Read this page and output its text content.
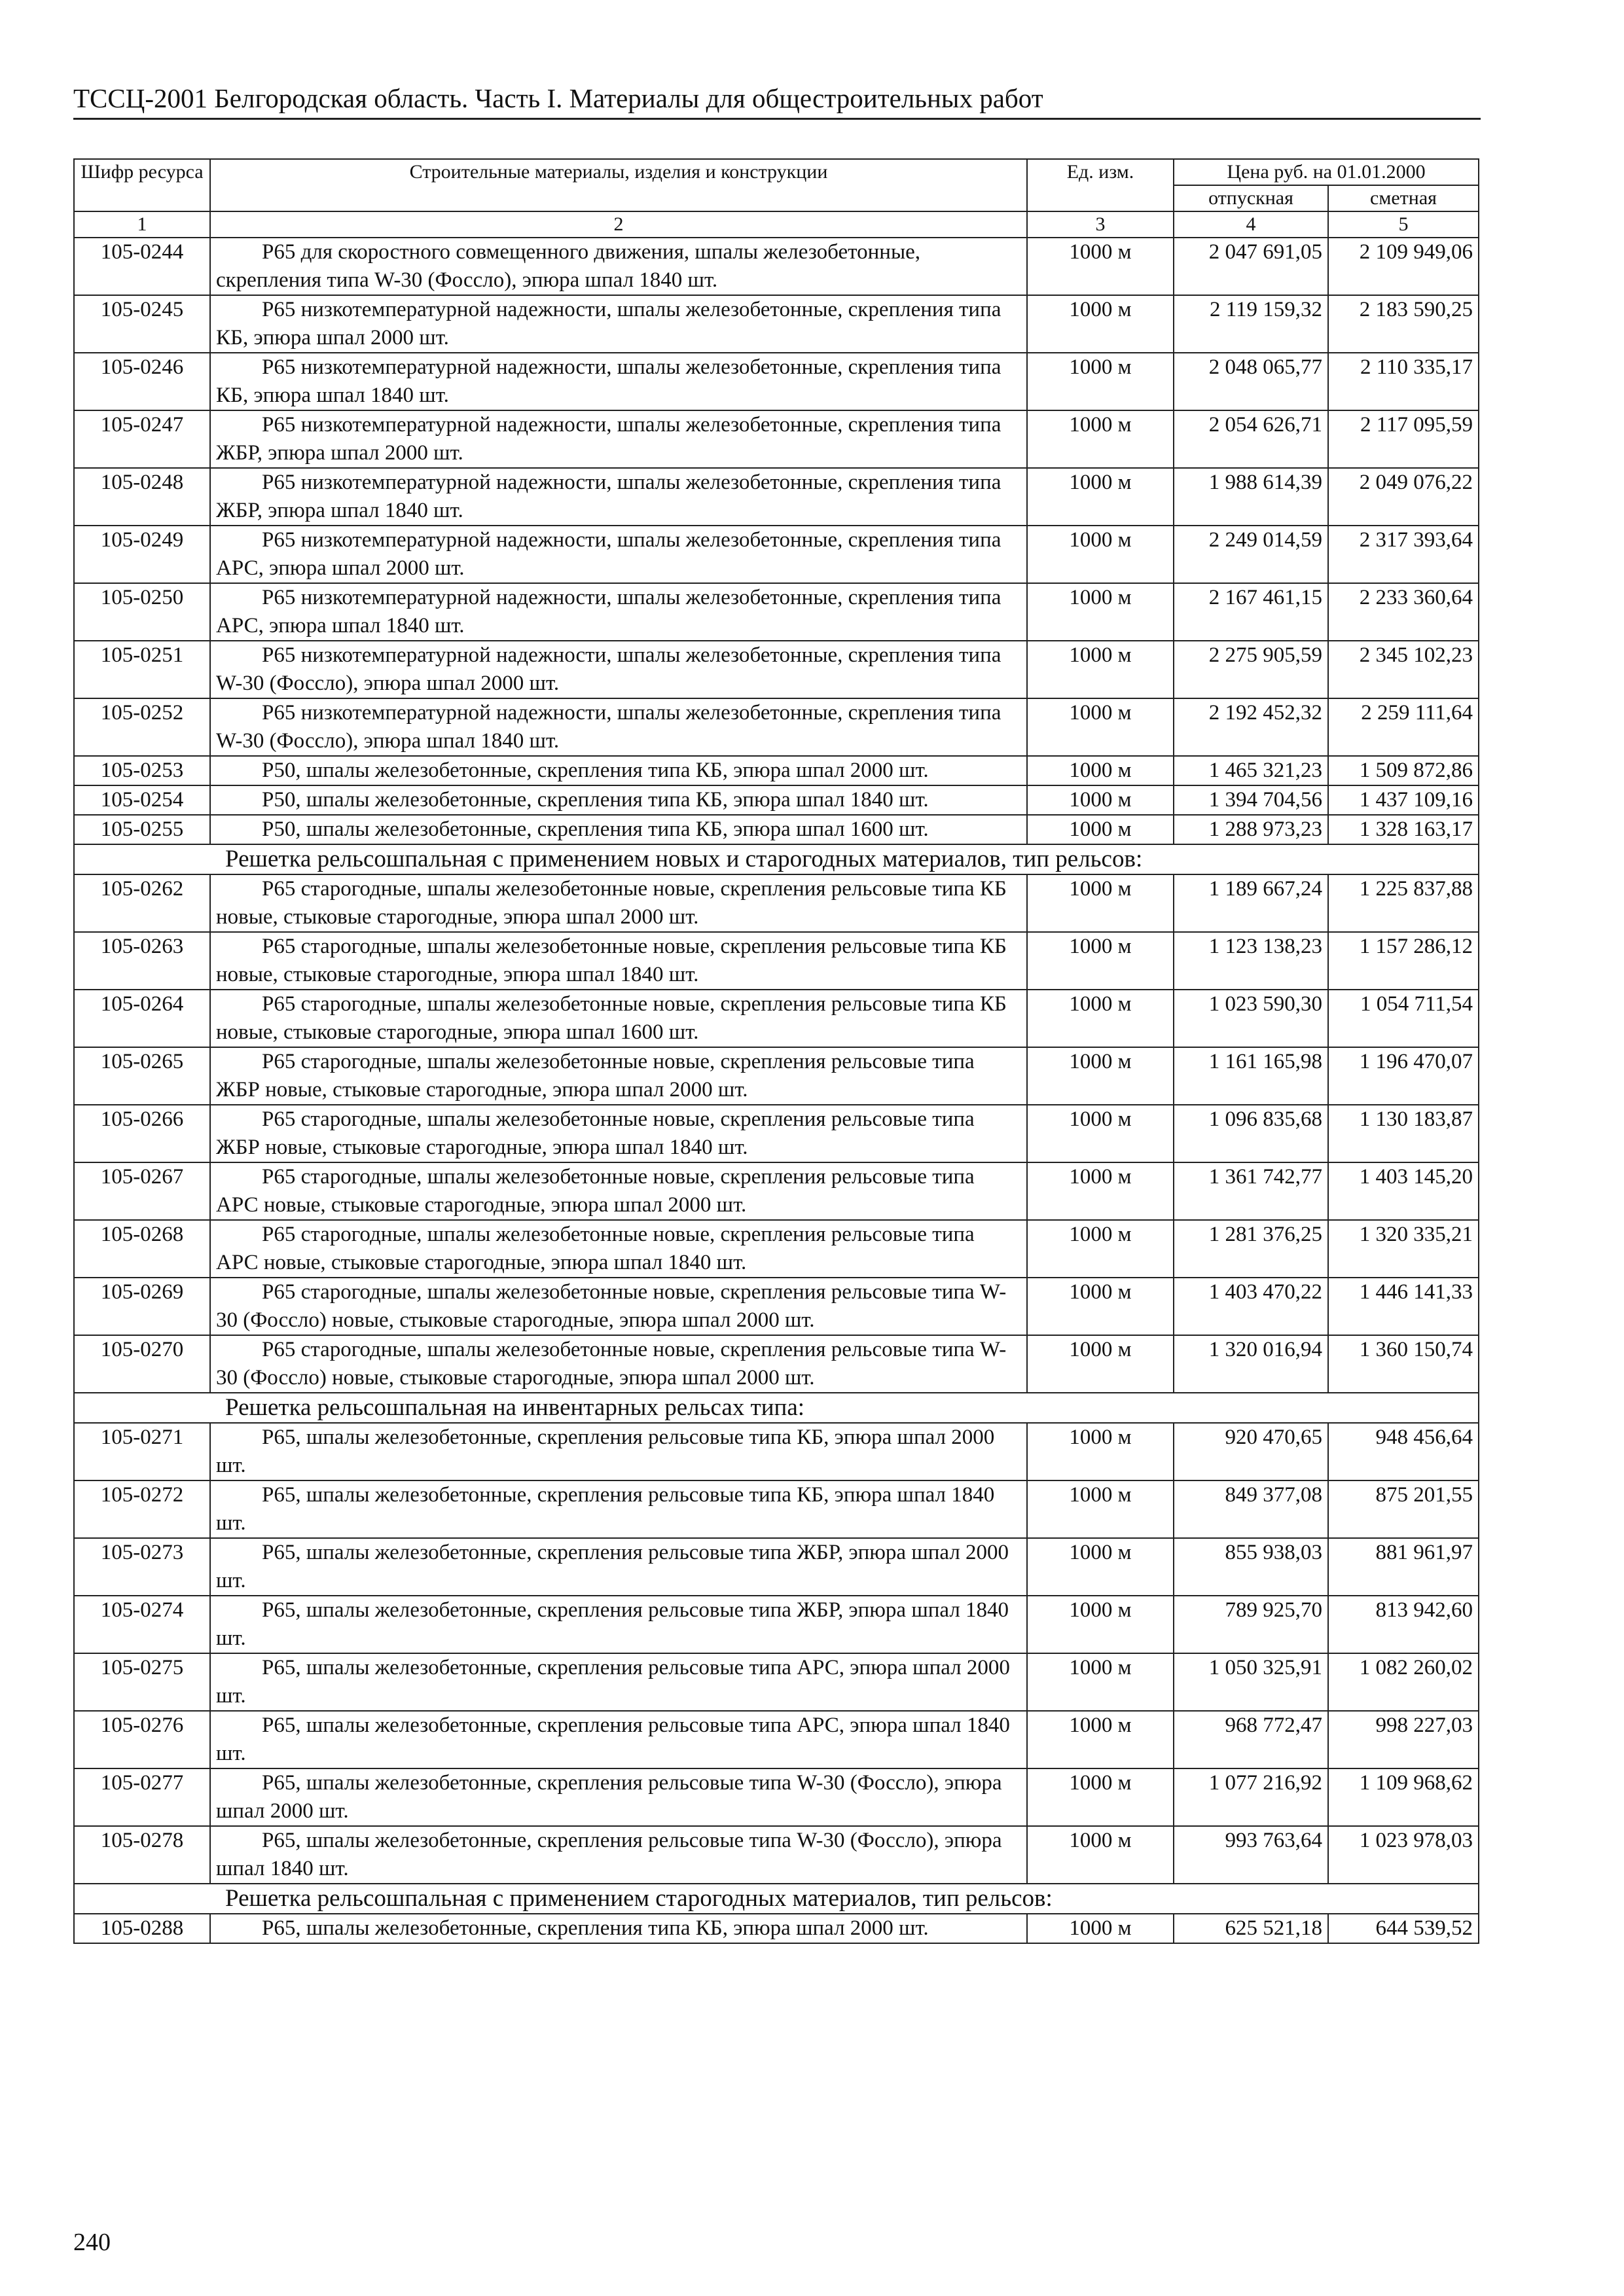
ТССЦ-2001 Белгородская область. Часть I. Материалы для общестроительных работ
Шифр ресурса	Строительные материалы, изделия и конструкции	Ед. изм.	Цена руб. на 01.01.2000	
			отпускная	сметная
1	2	3	4	5
105-0244	Р65 для скоростного совмещенного движения, шпалы железобетонные, скрепления типа W-30 (Фоссло), эпюра шпал 1840 шт.	1000 м	2 047 691,05	2 109 949,06
105-0245	Р65 низкотемпературной надежности, шпалы железобетонные, скрепления типа КБ, эпюра шпал 2000 шт.	1000 м	2 119 159,32	2 183 590,25
105-0246	Р65 низкотемпературной надежности, шпалы железобетонные, скрепления типа КБ, эпюра шпал 1840 шт.	1000 м	2 048 065,77	2 110 335,17
105-0247	Р65 низкотемпературной надежности, шпалы железобетонные, скрепления типа ЖБР, эпюра шпал 2000 шт.	1000 м	2 054 626,71	2 117 095,59
105-0248	Р65 низкотемпературной надежности, шпалы железобетонные, скрепления типа ЖБР, эпюра шпал 1840 шт.	1000 м	1 988 614,39	2 049 076,22
105-0249	Р65 низкотемпературной надежности, шпалы железобетонные, скрепления типа АРС, эпюра шпал 2000 шт.	1000 м	2 249 014,59	2 317 393,64
105-0250	Р65 низкотемпературной надежности, шпалы железобетонные, скрепления типа АРС, эпюра шпал 1840 шт.	1000 м	2 167 461,15	2 233 360,64
105-0251	Р65 низкотемпературной надежности, шпалы железобетонные, скрепления типа W-30 (Фоссло), эпюра шпал 2000 шт.	1000 м	2 275 905,59	2 345 102,23
105-0252	Р65 низкотемпературной надежности, шпалы железобетонные, скрепления типа W-30 (Фоссло), эпюра шпал 1840 шт.	1000 м	2 192 452,32	2 259 111,64
105-0253	Р50, шпалы железобетонные, скрепления типа КБ, эпюра шпал 2000 шт.	1000 м	1 465 321,23	1 509 872,86
105-0254	Р50, шпалы железобетонные, скрепления типа КБ, эпюра шпал 1840 шт.	1000 м	1 394 704,56	1 437 109,16
105-0255	Р50, шпалы железобетонные, скрепления типа КБ, эпюра шпал 1600 шт.	1000 м	1 288 973,23	1 328 163,17
Решетка рельсошпальная с применением новых и старогодных материалов, тип рельсов:				
105-0262	Р65 старогодные, шпалы железобетонные новые, скрепления рельсовые типа КБ новые, стыковые старогодные, эпюра шпал 2000 шт.	1000 м	1 189 667,24	1 225 837,88
105-0263	Р65 старогодные, шпалы железобетонные новые, скрепления рельсовые типа КБ новые, стыковые старогодные, эпюра шпал 1840 шт.	1000 м	1 123 138,23	1 157 286,12
105-0264	Р65 старогодные, шпалы железобетонные новые, скрепления рельсовые типа КБ новые, стыковые старогодные, эпюра шпал 1600 шт.	1000 м	1 023 590,30	1 054 711,54
105-0265	Р65 старогодные, шпалы железобетонные новые, скрепления рельсовые типа ЖБР новые, стыковые старогодные, эпюра шпал 2000 шт.	1000 м	1 161 165,98	1 196 470,07
105-0266	Р65 старогодные, шпалы железобетонные новые, скрепления рельсовые типа ЖБР новые, стыковые старогодные, эпюра шпал 1840 шт.	1000 м	1 096 835,68	1 130 183,87
105-0267	Р65 старогодные, шпалы железобетонные новые, скрепления рельсовые типа АРС новые, стыковые старогодные, эпюра шпал 2000 шт.	1000 м	1 361 742,77	1 403 145,20
105-0268	Р65 старогодные, шпалы железобетонные новые, скрепления рельсовые типа АРС новые, стыковые старогодные, эпюра шпал 1840 шт.	1000 м	1 281 376,25	1 320 335,21
105-0269	Р65 старогодные, шпалы железобетонные новые, скрепления рельсовые типа W-30 (Фоссло) новые, стыковые старогодные, эпюра шпал 2000 шт.	1000 м	1 403 470,22	1 446 141,33
105-0270	Р65 старогодные, шпалы железобетонные новые, скрепления рельсовые типа W-30 (Фоссло) новые, стыковые старогодные, эпюра шпал 2000 шт.	1000 м	1 320 016,94	1 360 150,74
Решетка рельсошпальная на инвентарных рельсах типа:				
105-0271	Р65, шпалы железобетонные, скрепления рельсовые типа КБ, эпюра шпал 2000 шт.	1000 м	920 470,65	948 456,64
105-0272	Р65, шпалы железобетонные, скрепления рельсовые типа КБ, эпюра шпал 1840 шт.	1000 м	849 377,08	875 201,55
105-0273	Р65, шпалы железобетонные, скрепления рельсовые типа ЖБР, эпюра шпал 2000 шт.	1000 м	855 938,03	881 961,97
105-0274	Р65, шпалы железобетонные, скрепления рельсовые типа ЖБР, эпюра шпал 1840 шт.	1000 м	789 925,70	813 942,60
105-0275	Р65, шпалы железобетонные, скрепления рельсовые типа АРС, эпюра шпал 2000 шт.	1000 м	1 050 325,91	1 082 260,02
105-0276	Р65, шпалы железобетонные, скрепления рельсовые типа АРС, эпюра шпал 1840 шт.	1000 м	968 772,47	998 227,03
105-0277	Р65, шпалы железобетонные, скрепления рельсовые типа W-30 (Фоссло), эпюра шпал 2000 шт.	1000 м	1 077 216,92	1 109 968,62
105-0278	Р65, шпалы железобетонные, скрепления рельсовые типа W-30 (Фоссло), эпюра шпал 1840 шт.	1000 м	993 763,64	1 023 978,03
Решетка рельсошпальная с применением старогодных материалов, тип рельсов:				
105-0288	Р65, шпалы железобетонные, скрепления типа КБ, эпюра шпал 2000 шт.	1000 м	625 521,18	644 539,52
240
